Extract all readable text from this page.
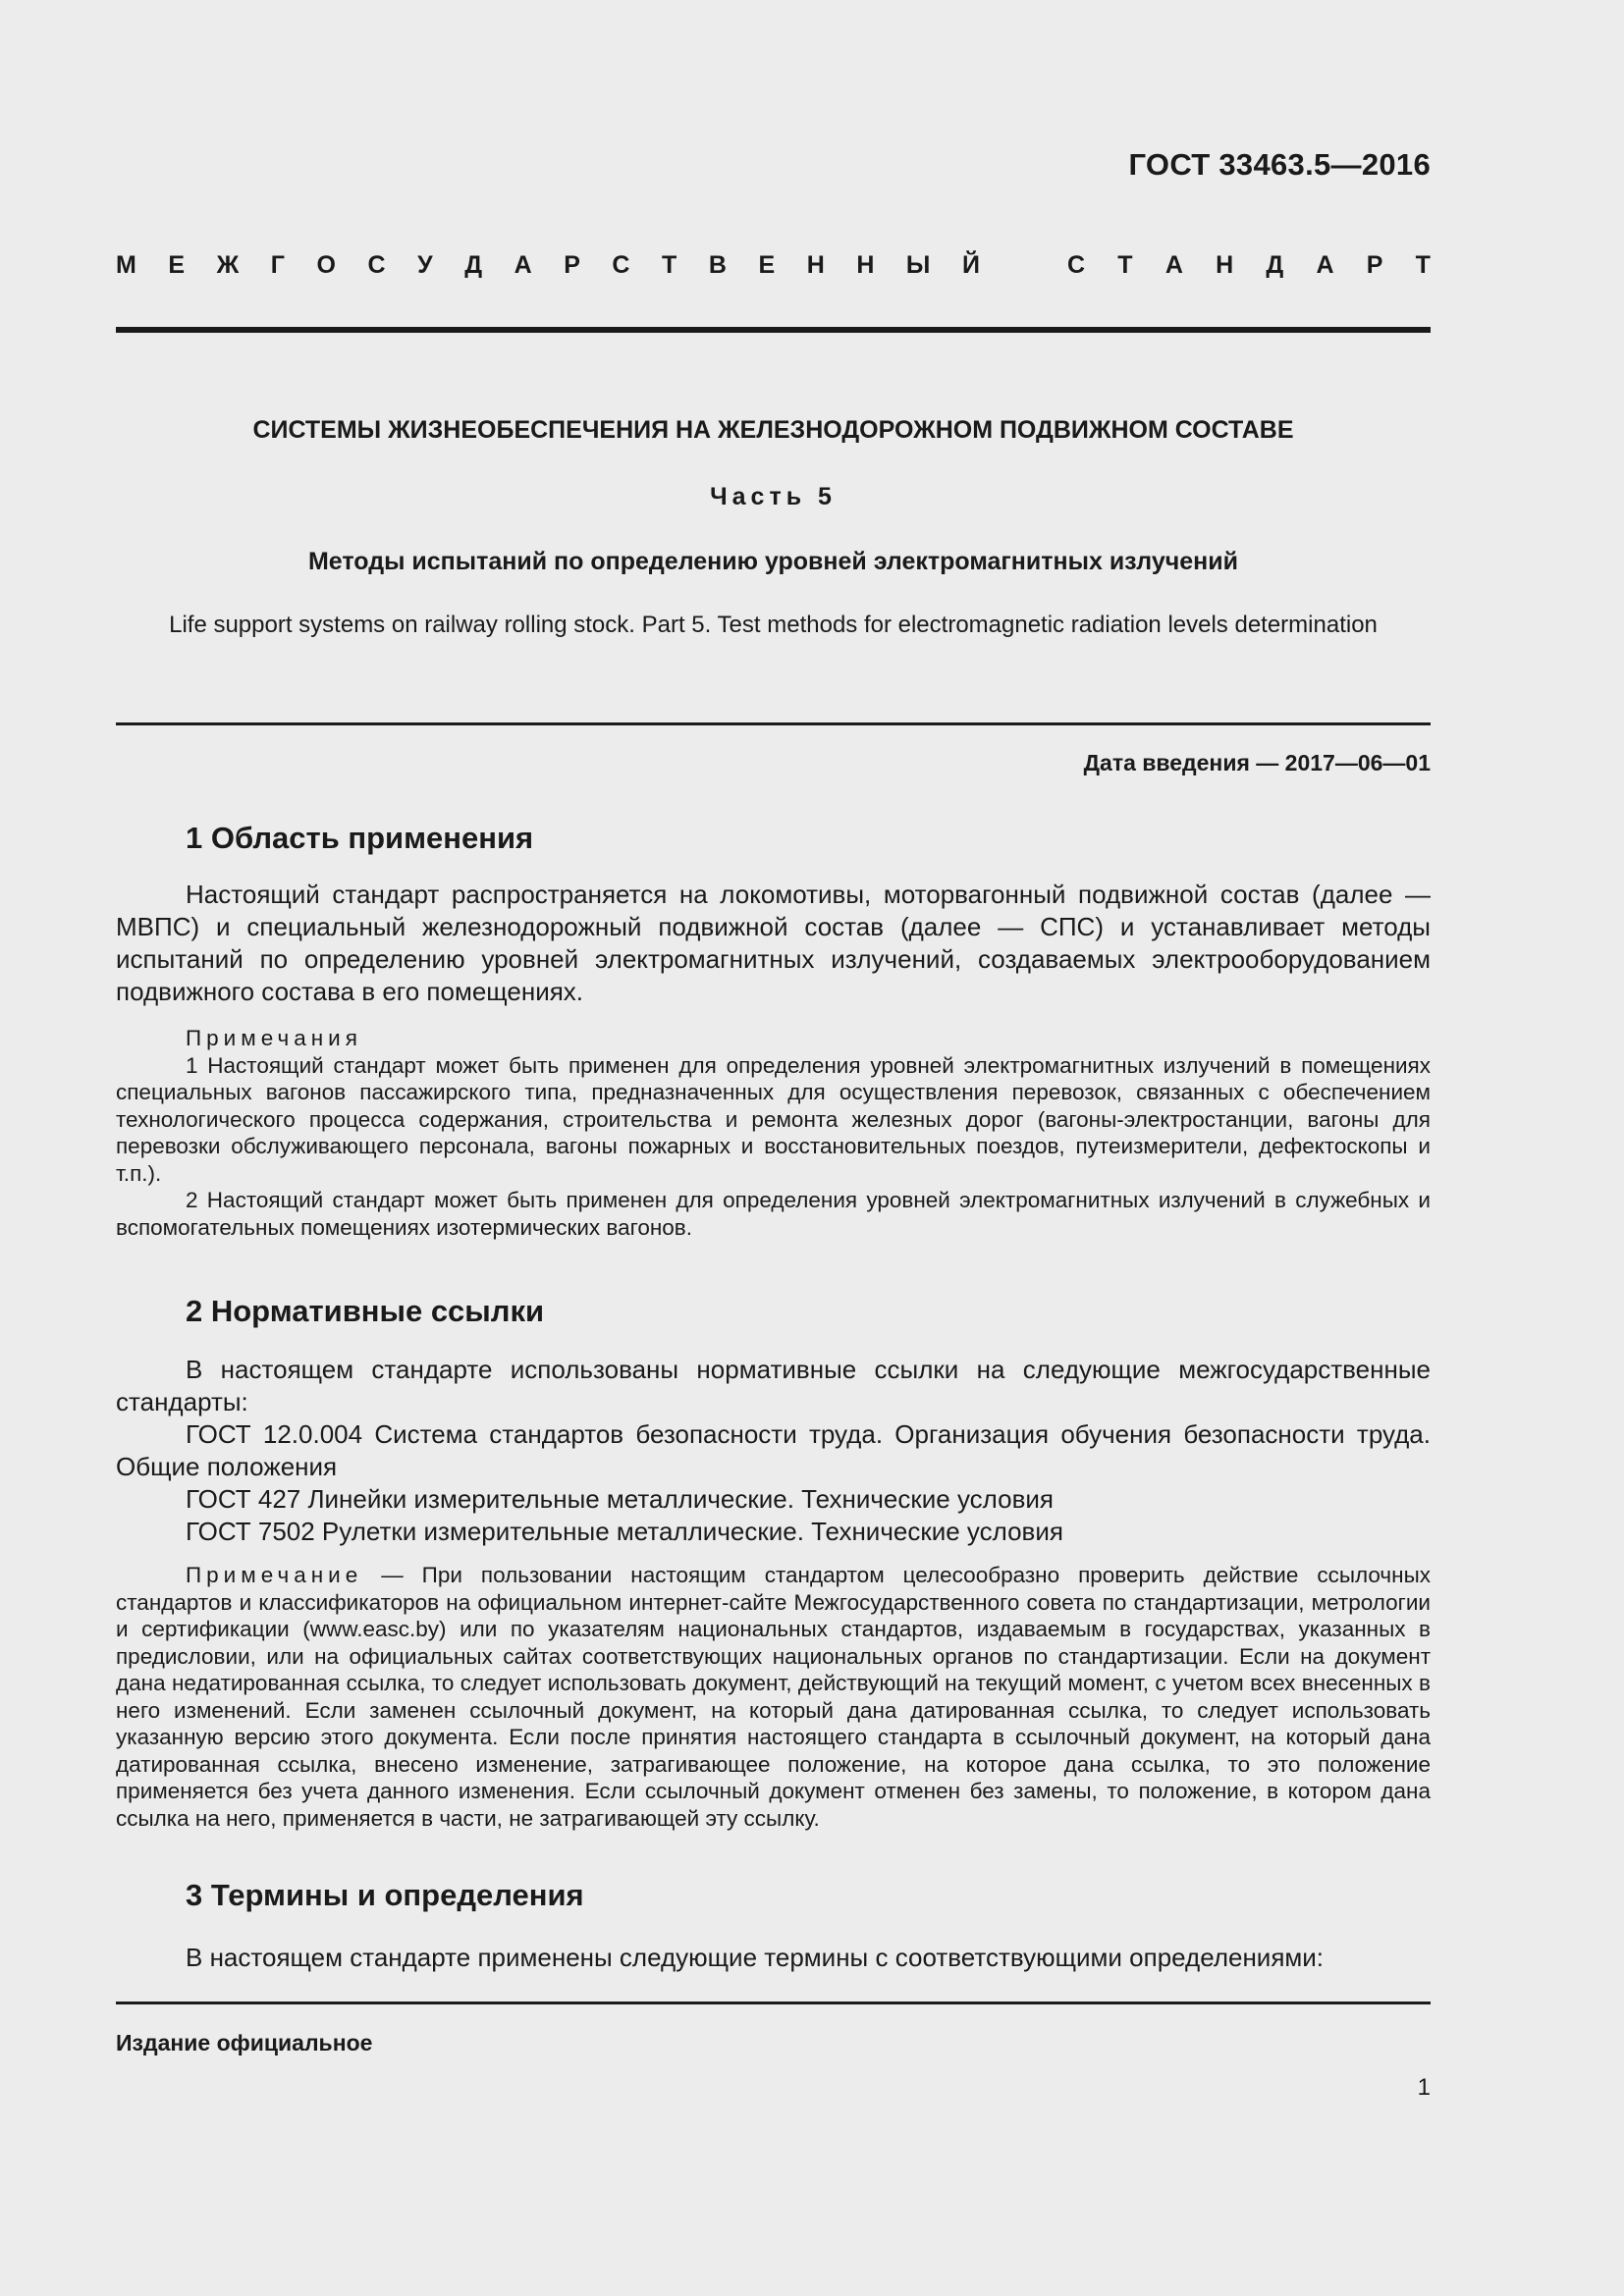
ГОСТ 33463.5—2016
М Е Ж Г О С У Д А Р С Т В Е Н Н Ы Й	С Т А Н Д А Р Т
СИСТЕМЫ ЖИЗНЕОБЕСПЕЧЕНИЯ НА ЖЕЛЕЗНОДОРОЖНОМ ПОДВИЖНОМ СОСТАВЕ
Часть 5
Методы испытаний по определению уровней электромагнитных излучений
Life support systems on railway rolling stock. Part 5. Test methods for electromagnetic radiation levels determination
Дата введения — 2017—06—01
1 Область применения

Настоящий стандарт распространяется на локомотивы, моторвагонный подвижной состав (далее — МВПС) и специальный железнодорожный подвижной состав (далее — СПС) и устанавливает методы испытаний по определению уровней электромагнитных излучений, создаваемых электрооборудованием подвижного состава в его помещениях.

Примечания

1 Настоящий стандарт может быть применен для определения уровней электромагнитных излучений в помещениях специальных вагонов пассажирского типа, предназначенных для осуществления перевозок, связанных с обеспечением технологического процесса содержания, строительства и ремонта железных дорог (вагоны-электростанции, вагоны для перевозки обслуживающего персонала, вагоны пожарных и восстановительных поездов, путеизмерители, дефектоскопы и т.п.).

2 Настоящий стандарт может быть применен для определения уровней электромагнитных излучений в служебных и вспомогательных помещениях изотермических вагонов.

2 Нормативные ссылки

В настоящем стандарте использованы нормативные ссылки на следующие межгосударственные стандарты:

ГОСТ 12.0.004 Система стандартов безопасности труда. Организация обучения безопасности труда. Общие положения

ГОСТ 427 Линейки измерительные металлические. Технические условия

ГОСТ 7502 Рулетки измерительные металлические. Технические условия

Примечание — При пользовании настоящим стандартом целесообразно проверить действие ссылочных стандартов и классификаторов на официальном интернет-сайте Межгосударственного совета по стандартизации, метрологии и сертификации (www.easc.by) или по указателям национальных стандартов, издаваемым в государствах, указанных в предисловии, или на официальных сайтах соответствующих национальных органов по стандартизации. Если на документ дана недатированная ссылка, то следует использовать документ, действующий на текущий момент, с учетом всех внесенных в него изменений. Если заменен ссылочный документ, на который дана датированная ссылка, то следует использовать указанную версию этого документа. Если после принятия настоящего стандарта в ссылочный документ, на который дана датированная ссылка, внесено изменение, затрагивающее положение, на которое дана ссылка, то это положение применяется без учета данного изменения. Если ссылочный документ отменен без замены, то положение, в котором дана ссылка на него, применяется в части, не затрагивающей эту ссылку.

3 Термины и определения

В настоящем стандарте применены следующие термины с соответствующими определениями:

Издание официальное
1
